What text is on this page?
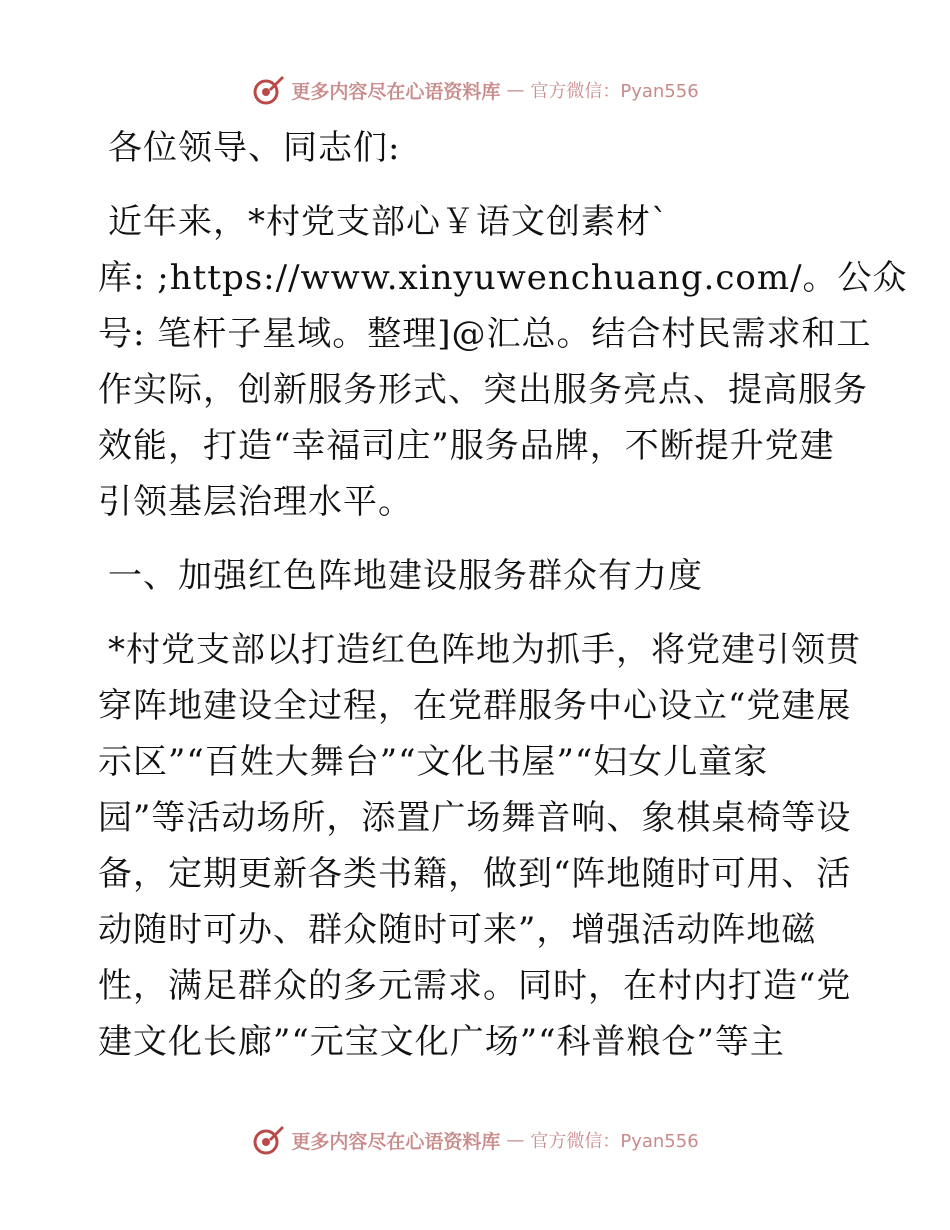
更多内容尽在心语资料库 — 官方微信：Pyan556
各位领导、同志们:
近年来，*村党支部心￥语文创素材`
库: ;https://www.xinyuwenchuang.com/。公众
号: 笔杆子星域。整理]@汇总。结合村民需求和工
作实际，创新服务形式、突出服务亮点、提高服务
效能，打造“幸福司庄”服务品牌，不断提升党建
引领基层治理水平。
一、加强红色阵地建设服务群众有力度
*村党支部以打造红色阵地为抓手，将党建引领贯
穿阵地建设全过程，在党群服务中心设立“党建展
示区”“百姓大舞台”“文化书屋”“妇女儿童家
园”等活动场所，添置广场舞音响、象棋桌椅等设
备，定期更新各类书籍，做到“阵地随时可用、活
动随时可办、群众随时可来”，增强活动阵地磁
性，满足群众的多元需求。同时，在村内打造“党
建文化长廊”“元宝文化广场”“科普粮仓”等主
更多内容尽在心语资料库 — 官方微信：Pyan556
